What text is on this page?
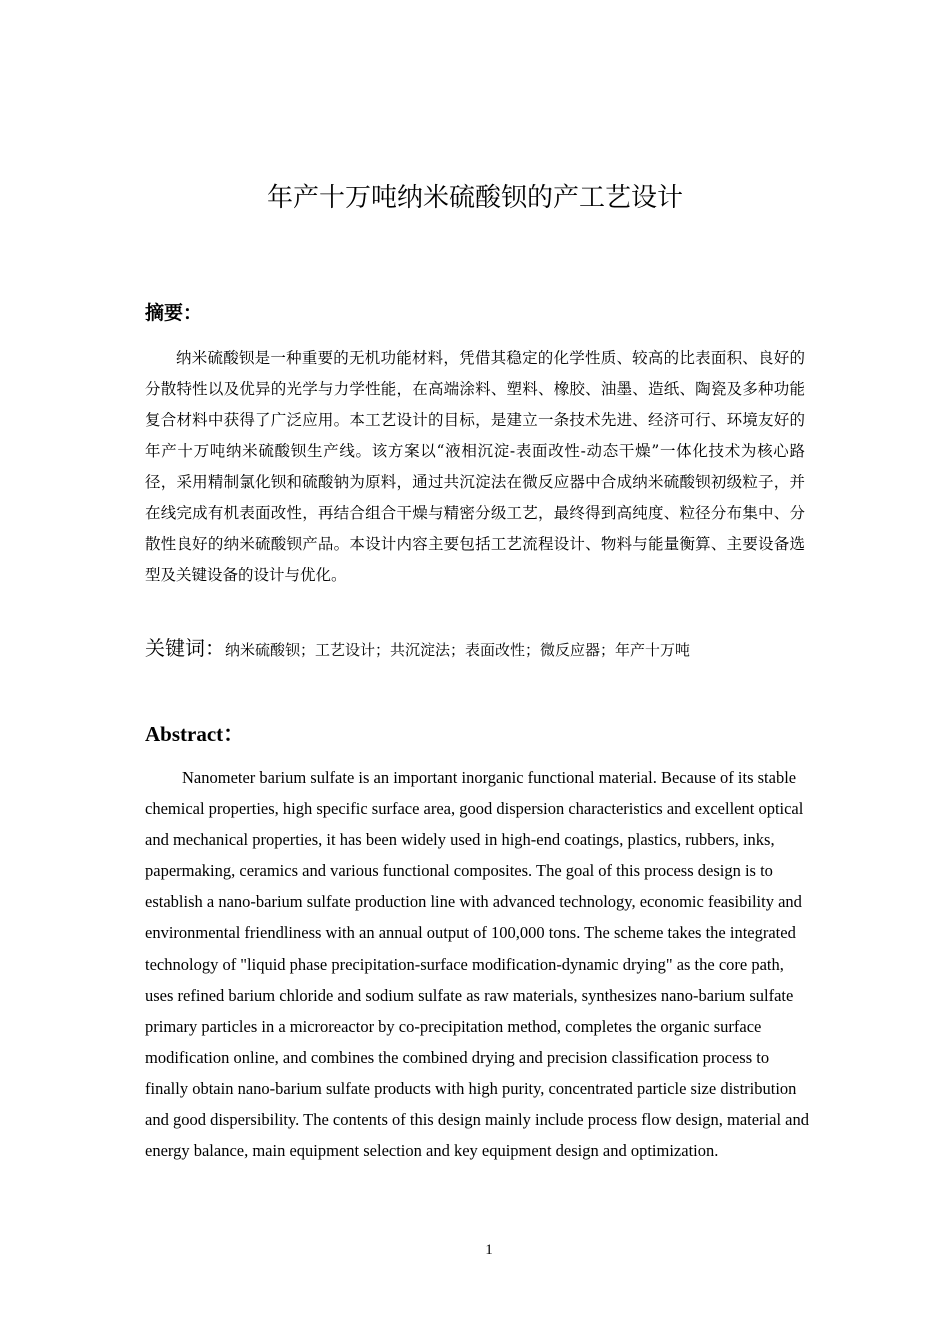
年产十万吨纳米硫酸钡的产工艺设计
摘要：

纳米硫酸钡是一种重要的无机功能材料，凭借其稳定的化学性质、较高的比表面积、良好的分散特性以及优异的光学与力学性能，在高端涂料、塑料、橡胶、油墨、造纸、陶瓷及多种功能复合材料中获得了广泛应用。本工艺设计的目标，是建立一条技术先进、经济可行、环境友好的年产十万吨纳米硫酸钡生产线。该方案以“液相沉淀-表面改性-动态干燥”一体化技术为核心路径，采用精制氯化钡和硫酸钠为原料，通过共沉淀法在微反应器中合成纳米硫酸钡初级粒子，并在线完成有机表面改性，再结合组合干燥与精密分级工艺，最终得到高纯度、粒径分布集中、分散性良好的纳米硫酸钡产品。本设计内容主要包括工艺流程设计、物料与能量衡算、主要设备选型及关键设备的设计与优化。

关键词：纳米硫酸钡；工艺设计；共沉淀法；表面改性；微反应器；年产十万吨

Abstract：

Nanometer barium sulfate is an important inorganic functional material. Because of its stable chemical properties, high specific surface area, good dispersion characteristics and excellent optical and mechanical properties, it has been widely used in high-end coatings, plastics, rubbers, inks, papermaking, ceramics and various functional composites. The goal of this process design is to establish a nano-barium sulfate production line with advanced technology, economic feasibility and environmental friendliness with an annual output of 100,000 tons. The scheme takes the integrated technology of "liquid phase precipitation-surface modification-dynamic drying" as the core path, uses refined barium chloride and sodium sulfate as raw materials, synthesizes nano-barium sulfate primary particles in a microreactor by co-precipitation method, completes the organic surface modification online, and combines the combined drying and precision classification process to finally obtain nano-barium sulfate products with high purity, concentrated particle size distribution and good dispersibility. The contents of this design mainly include process flow design, material and energy balance, main equipment selection and key equipment design and optimization.

1
